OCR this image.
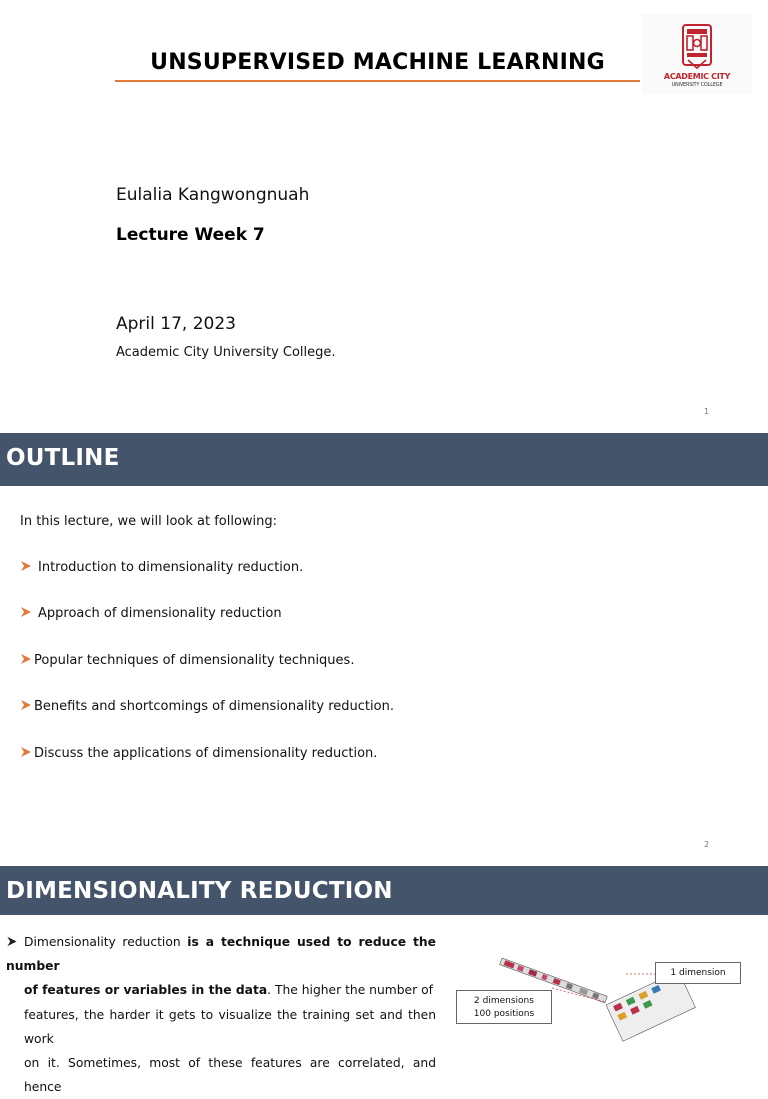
UNSUPERVISED MACHINE LEARNING
ACADEMIC CITY
UNIVERSITY COLLEGE
Eulalia Kangwongnuah
Lecture Week 7
April 17, 2023
Academic City University College.
1
OUTLINE
In this lecture, we will look at following:
Introduction to dimensionality reduction.
Approach of dimensionality reduction
Popular techniques of dimensionality techniques.
Benefits and shortcomings of dimensionality reduction.
Discuss the applications of dimensionality reduction.
2
DIMENSIONALITY REDUCTION
Dimensionality reduction is a technique used to reduce the number
of features or variables in the data. The higher the number of
features, the harder it gets to visualize the training set and then work
on it. Sometimes, most of these features are correlated, and hence
1 dimension
2 dimensions
100 positions
